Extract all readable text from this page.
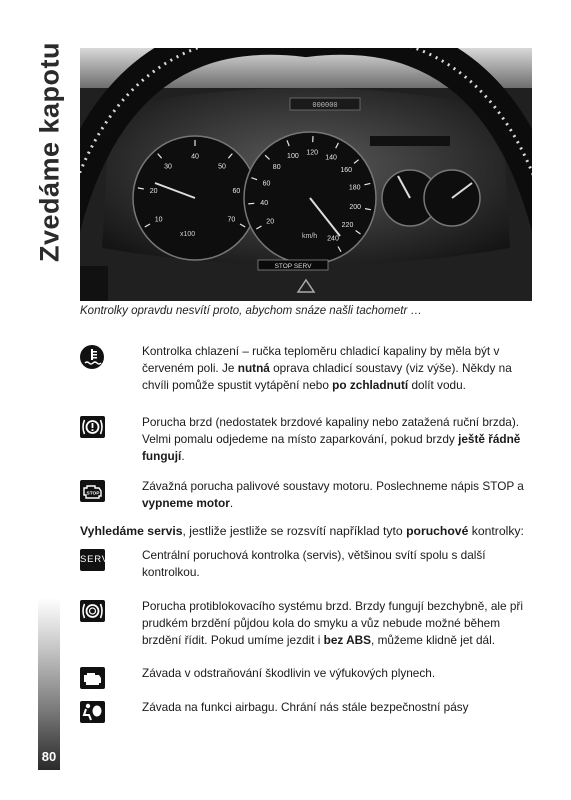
Zvedáme kapotu	000000
10
20
30
40
50
60
70
x100
20
40
60
80
100 120
140
160
180
200
220
240
km/h
STOP SERV
Kontrolky opravdu nesvítí proto, abychom snáze našli tachometr …
Kontrolka chlazení – ručka teploměru chladicí kapaliny by měla být v červeném poli. Je nutná oprava chladicí soustavy (viz výše). Někdy na chvíli pomůže spustit vytápění nebo po zchladnutí dolít vodu.
Porucha brzd (nedostatek brzdové kapaliny nebo zatažená ruční brzda). Velmi pomalu odjedeme na místo zaparkování, pokud brzdy ještě řádně fungují.
STOP
Závažná porucha palivové soustavy motoru. Poslechneme nápis STOP a vypneme motor.
Vyhledáme servis, jestliže jestliže se rozsvítí například tyto poruchové kontrolky:
SERV	Centrální poruchová kontrolka (servis), většinou svítí spolu s další kontrolkou.
Porucha protiblokovacího systému brzd. Brzdy fungují bezchybně, ale při prudkém brzdění půjdou kola do smyku a vůz nebude možné během brzdění řídit. Pokud umíme jezdit i bez ABS, můžeme klidně jet dál.
Závada v odstraňování škodlivin ve výfukových plynech.
Závada na funkci airbagu. Chrání nás stále bezpečnostní pásy
80
